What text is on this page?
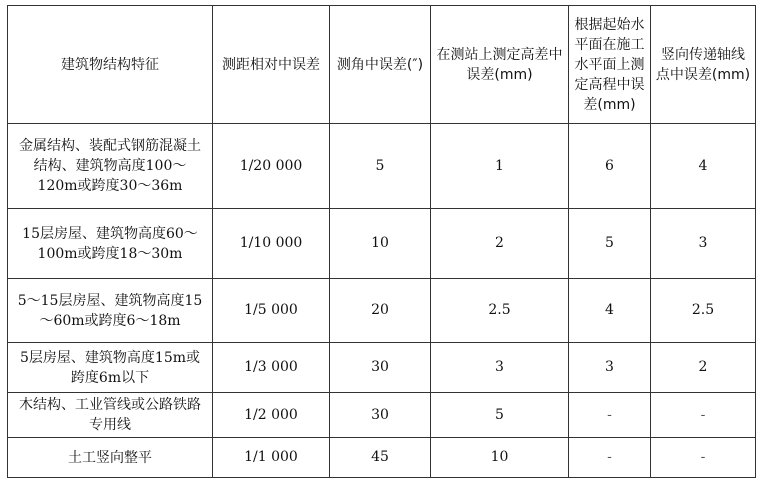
建筑物结构特征	测距相对中误差	测角中误差(″)	在测站上测定高差中误差(mm)	根据起始水平面在施工水平面上测定高程中误差(mm)	竖向传递轴线点中误差(mm)
金属结构、装配式钢筋混凝土结构、建筑物高度100～120m或跨度30～36m	1/20 000	5	1	6	4
15层房屋、建筑物高度60～100m或跨度18～30m	1/10 000	10	2	5	3
5～15层房屋、建筑物高度15～60m或跨度6～18m	1/5 000	20	2.5	4	2.5
5层房屋、建筑物高度15m或跨度6m以下	1/3 000	30	3	3	2
木结构、工业管线或公路铁路专用线	1/2 000	30	5	-	-
土工竖向整平	1/1 000	45	10	-	-
